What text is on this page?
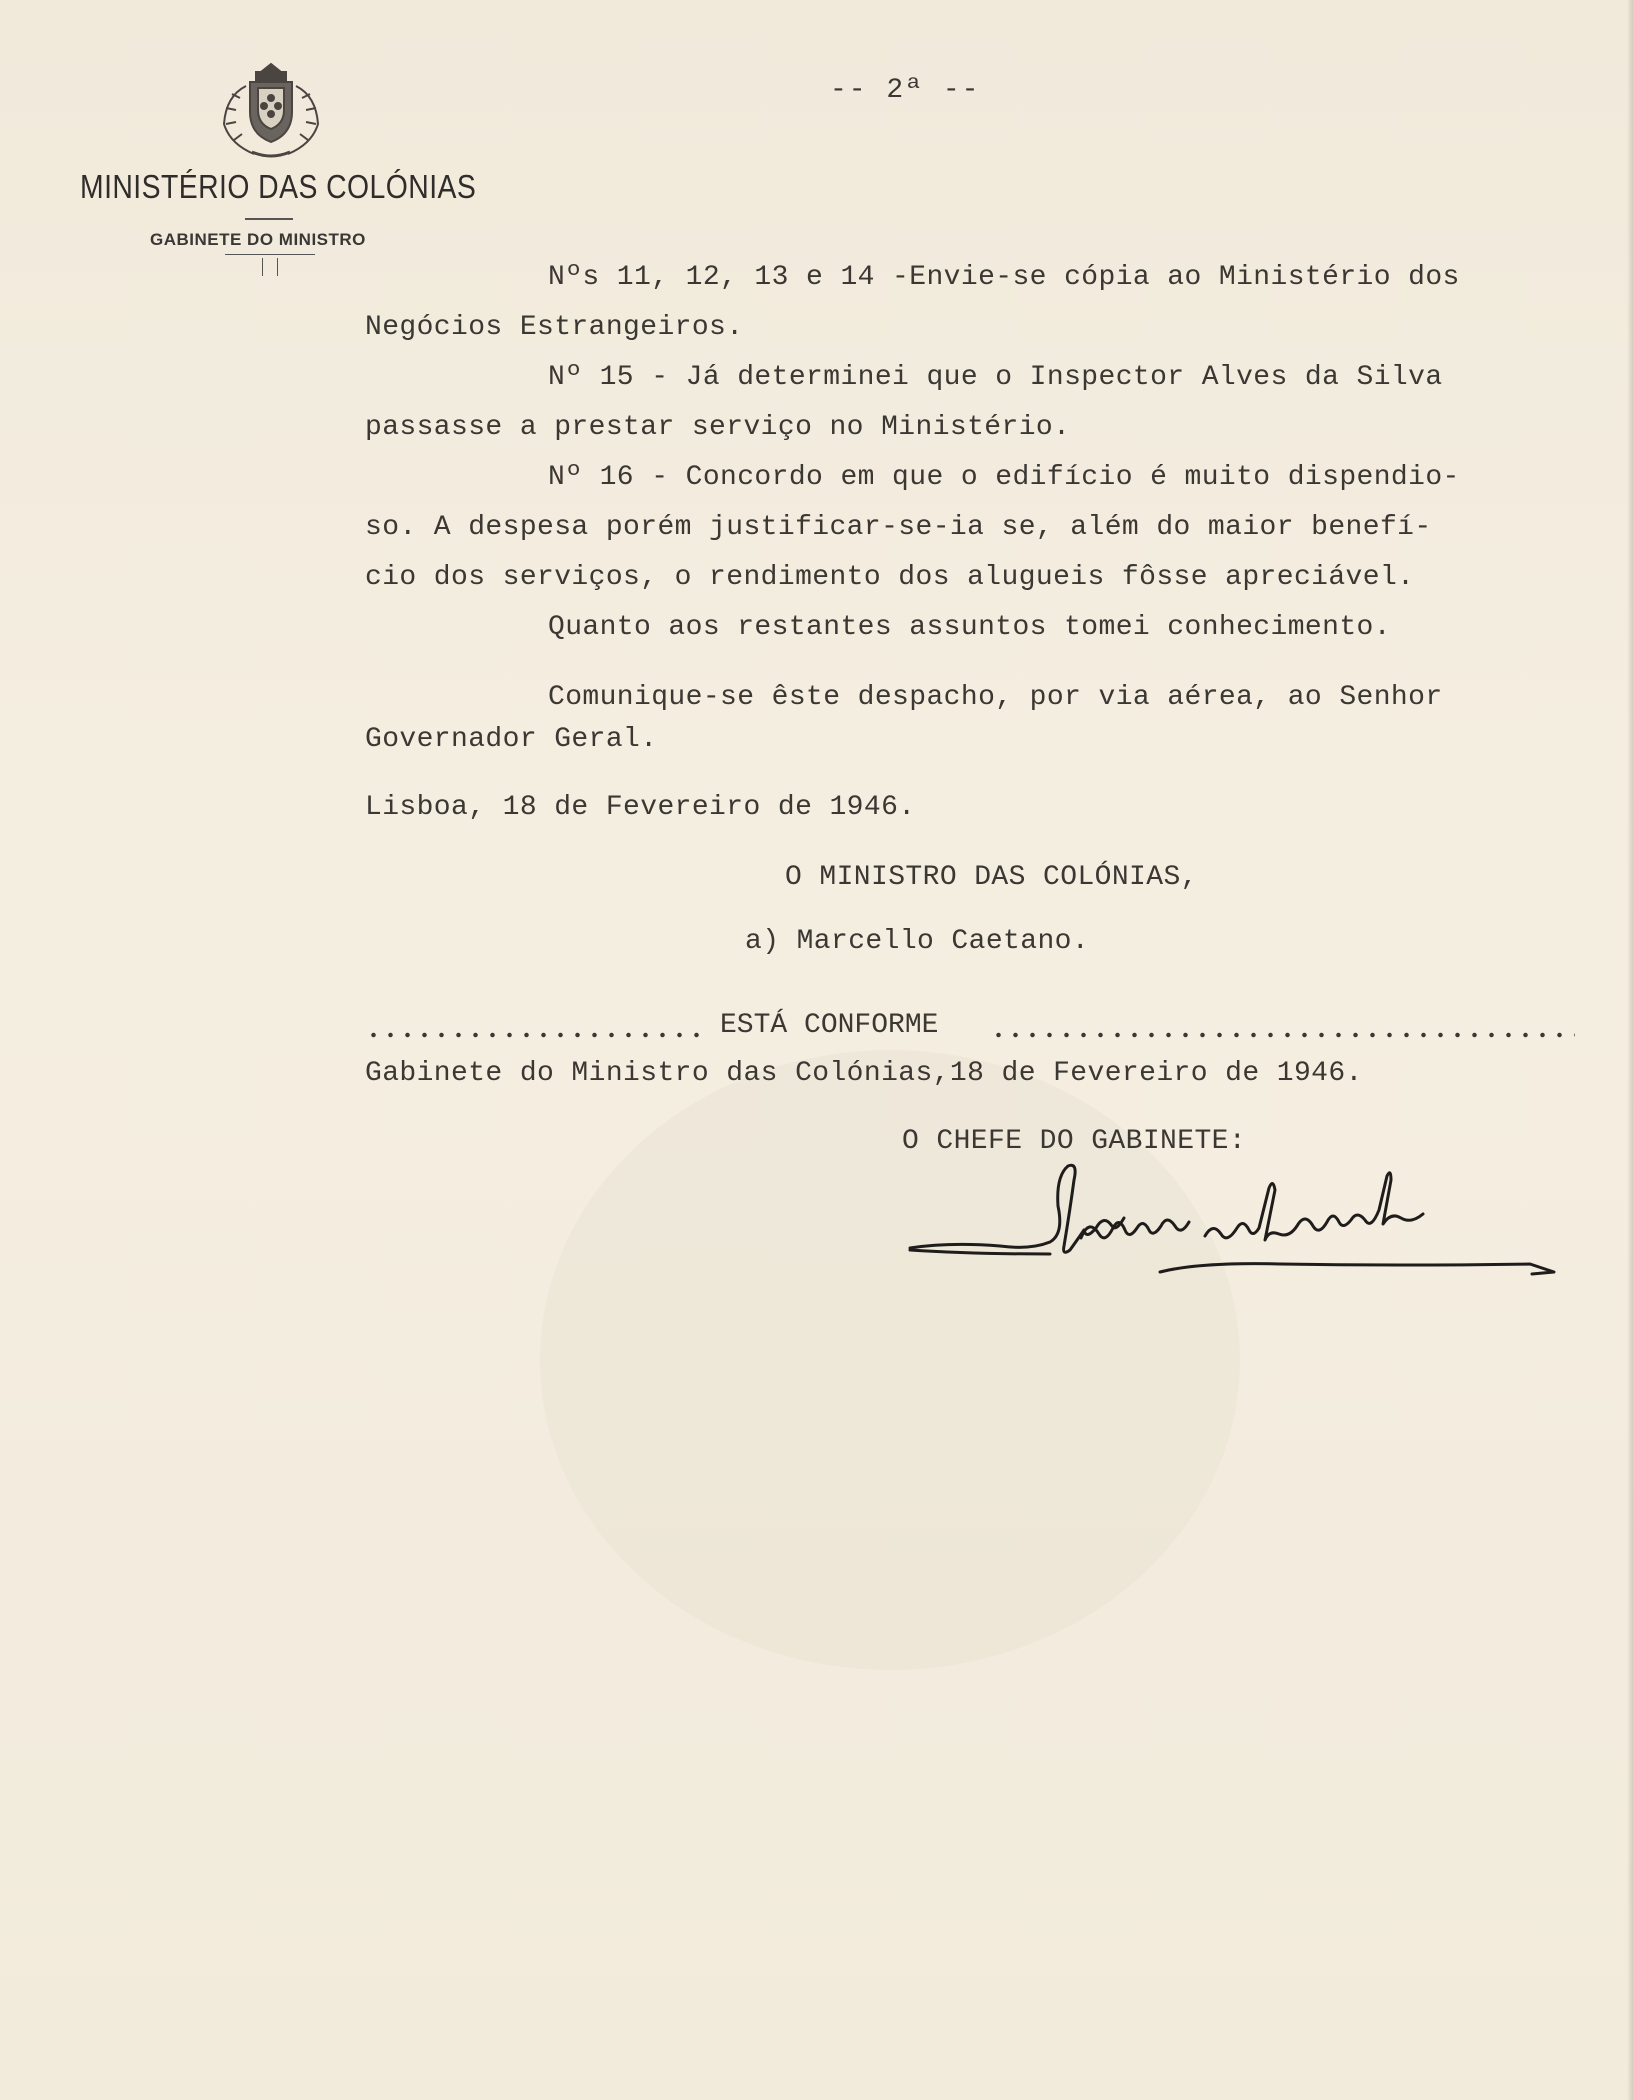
MINISTÉRIO DAS COLÓNIAS
GABINETE DO MINISTRO
-- 2ª --
Nºs 11, 12, 13 e 14 -Envie-se cópia ao Ministério dos
Negócios Estrangeiros.
Nº 15 - Já determinei que o Inspector Alves da Silva
passasse a prestar serviço no Ministério.
Nº 16 - Concordo em que o edifício é muito dispendio-
so. A despesa porém justificar-se-ia se, além do maior benefí-
cio dos serviços, o rendimento dos alugueis fôsse apreciável.
Quanto aos restantes assuntos tomei conhecimento.
Comunique-se êste despacho, por via aérea, ao Senhor
Governador Geral.
Lisboa, 18 de Fevereiro de 1946.
O MINISTRO DAS COLÓNIAS,
a) Marcello Caetano.
ESTÁ CONFORME
Gabinete do Ministro das Colónias,18 de Fevereiro de 1946.
O CHEFE DO GABINETE:
